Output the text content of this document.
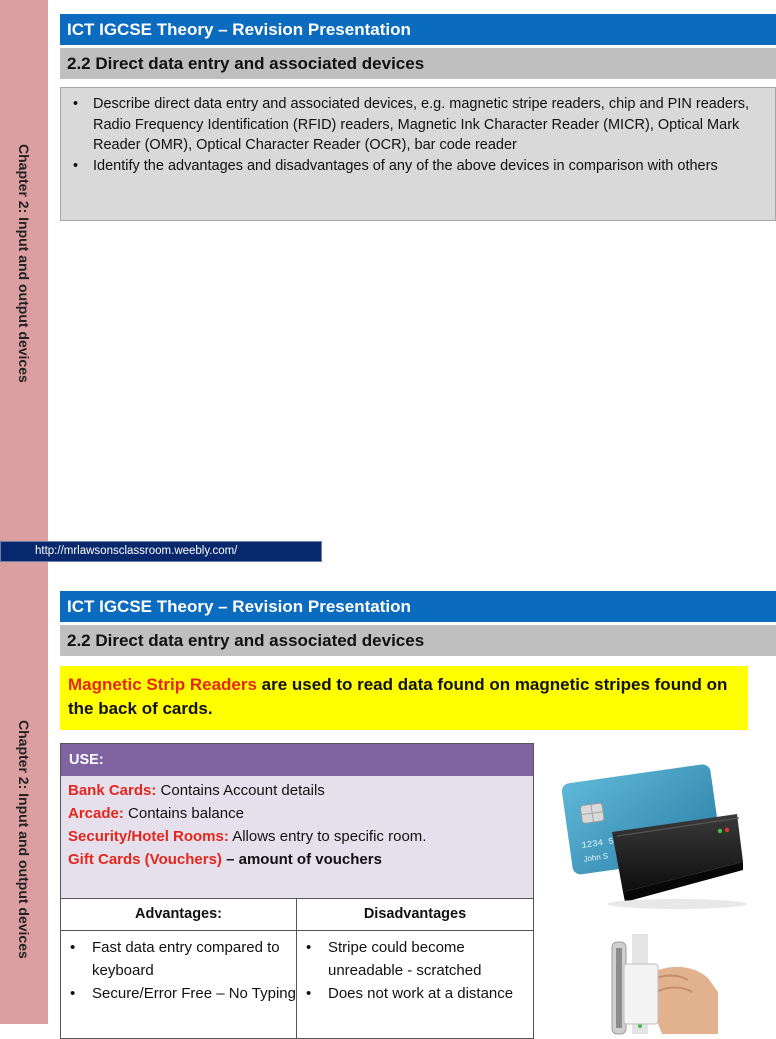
Chapter 2: Input and output devices
ICT IGCSE Theory – Revision Presentation
2.2 Direct data entry and associated devices
• Describe direct data entry and associated devices, e.g. magnetic stripe readers, chip and PIN readers, Radio Frequency Identification (RFID) readers, Magnetic Ink Character Reader (MICR), Optical Mark Reader (OMR), Optical Character Reader (OCR), bar code reader
• Identify the advantages and disadvantages of any of the above devices in comparison with others
http://mrlawsonsclassroom.weebly.com/
Chapter 2: Input and output devices
ICT IGCSE Theory – Revision Presentation
2.2 Direct data entry and associated devices
Magnetic Strip Readers are used to read data found on magnetic stripes found on the back of cards.
USE:
Bank Cards: Contains Account details
Arcade: Contains balance
Security/Hotel Rooms: Allows entry to specific room.
Gift Cards (Vouchers) – amount of vouchers
Advantages:
• Fast data entry compared to keyboard
• Secure/Error Free – No Typing
Disadvantages
• Stripe could become unreadable - scratched
• Does not work at a distance
1234
John S
